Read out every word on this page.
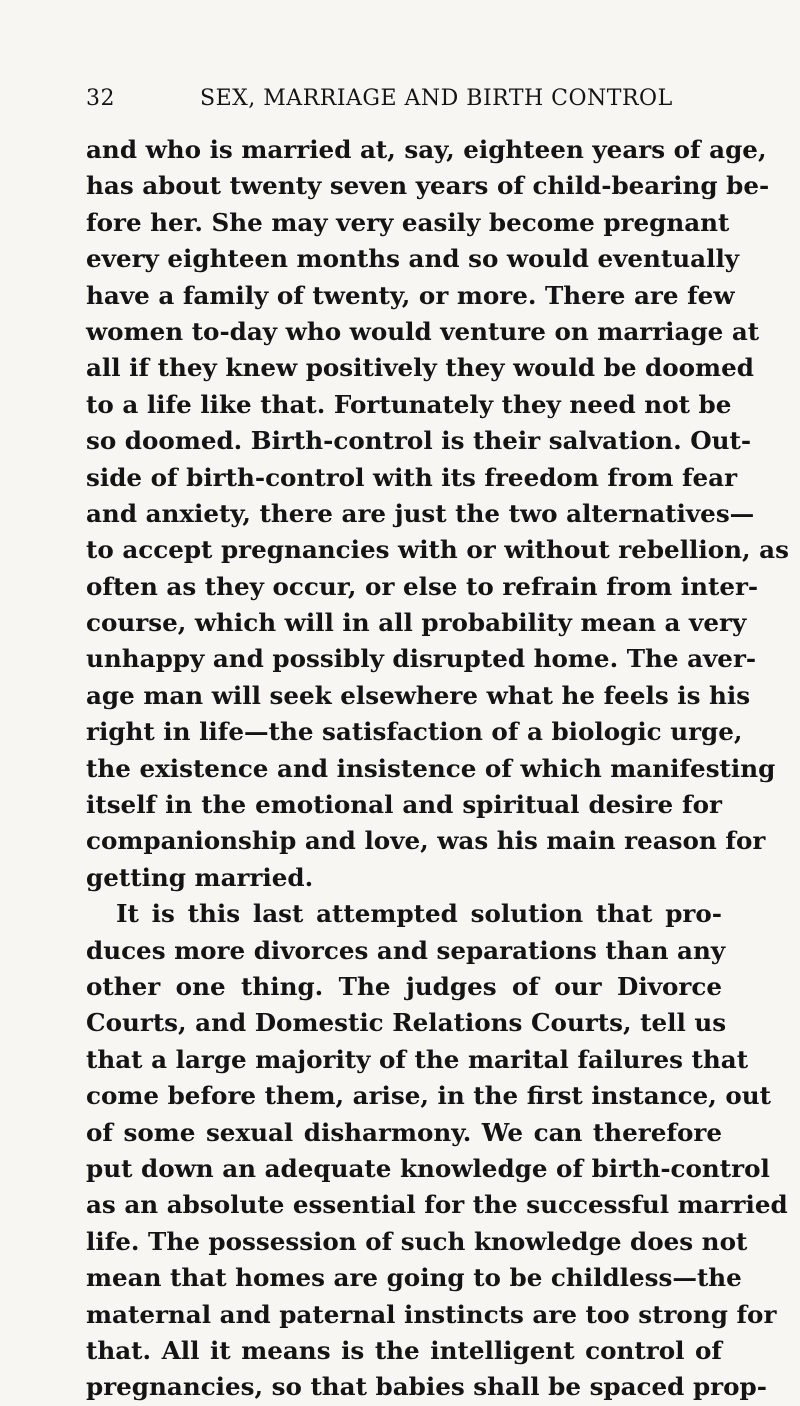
32	SEX, MARRIAGE AND BIRTH CONTROL
and who is married at, say, eighteen years of age,
has about twenty seven years of child-bearing be-
fore her. She may very easily become pregnant
every eighteen months and so would eventually
have a family of twenty, or more. There are few
women to-day who would venture on marriage at
all if they knew positively they would be doomed
to a life like that. Fortunately they need not be
so doomed. Birth-control is their salvation. Out-
side of birth-control with its freedom from fear
and anxiety, there are just the two alternatives—
to accept pregnancies with or without rebellion, as
often as they occur, or else to refrain from inter-
course, which will in all probability mean a very
unhappy and possibly disrupted home. The aver-
age man will seek elsewhere what he feels is his
right in life—the satisfaction of a biologic urge,
the existence and insistence of which manifesting
itself in the emotional and spiritual desire for
companionship and love, was his main reason for
getting married.
It is this last attempted solution that pro-
duces more divorces and separations than any
other one thing. The judges of our Divorce
Courts, and Domestic Relations Courts, tell us
that a large majority of the marital failures that
come before them, arise, in the first instance, out
of some sexual disharmony. We can therefore
put down an adequate knowledge of birth-control
as an absolute essential for the successful married
life. The possession of such knowledge does not
mean that homes are going to be childless—the
maternal and paternal instincts are too strong for
that. All it means is the intelligent control of
pregnancies, so that babies shall be spaced prop-
